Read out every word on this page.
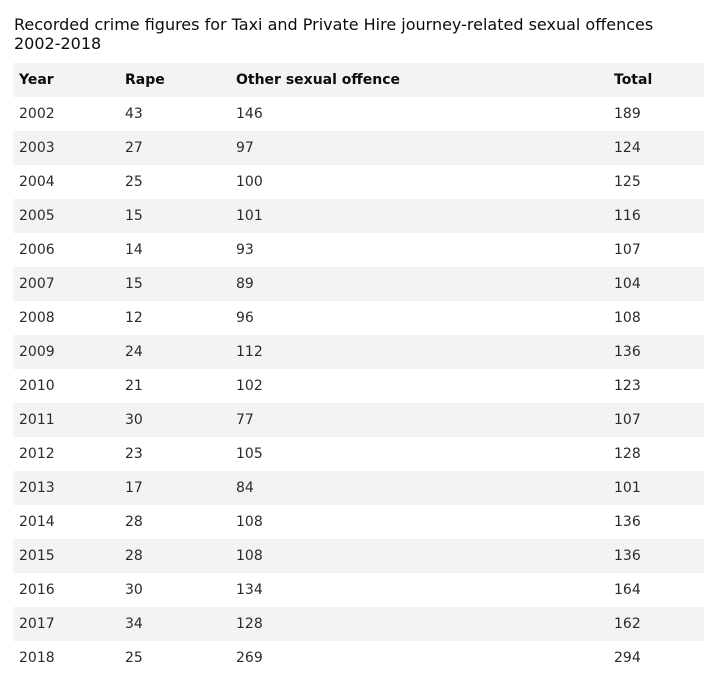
Recorded crime figures for Taxi and Private Hire journey-related sexual offences
2002-2018
Year	Rape	Other sexual offence	Total
2002	43	146	189
2003	27	97	124
2004	25	100	125
2005	15	101	116
2006	14	93	107
2007	15	89	104
2008	12	96	108
2009	24	112	136
2010	21	102	123
2011	30	77	107
2012	23	105	128
2013	17	84	101
2014	28	108	136
2015	28	108	136
2016	30	134	164
2017	34	128	162
2018	25	269	294
